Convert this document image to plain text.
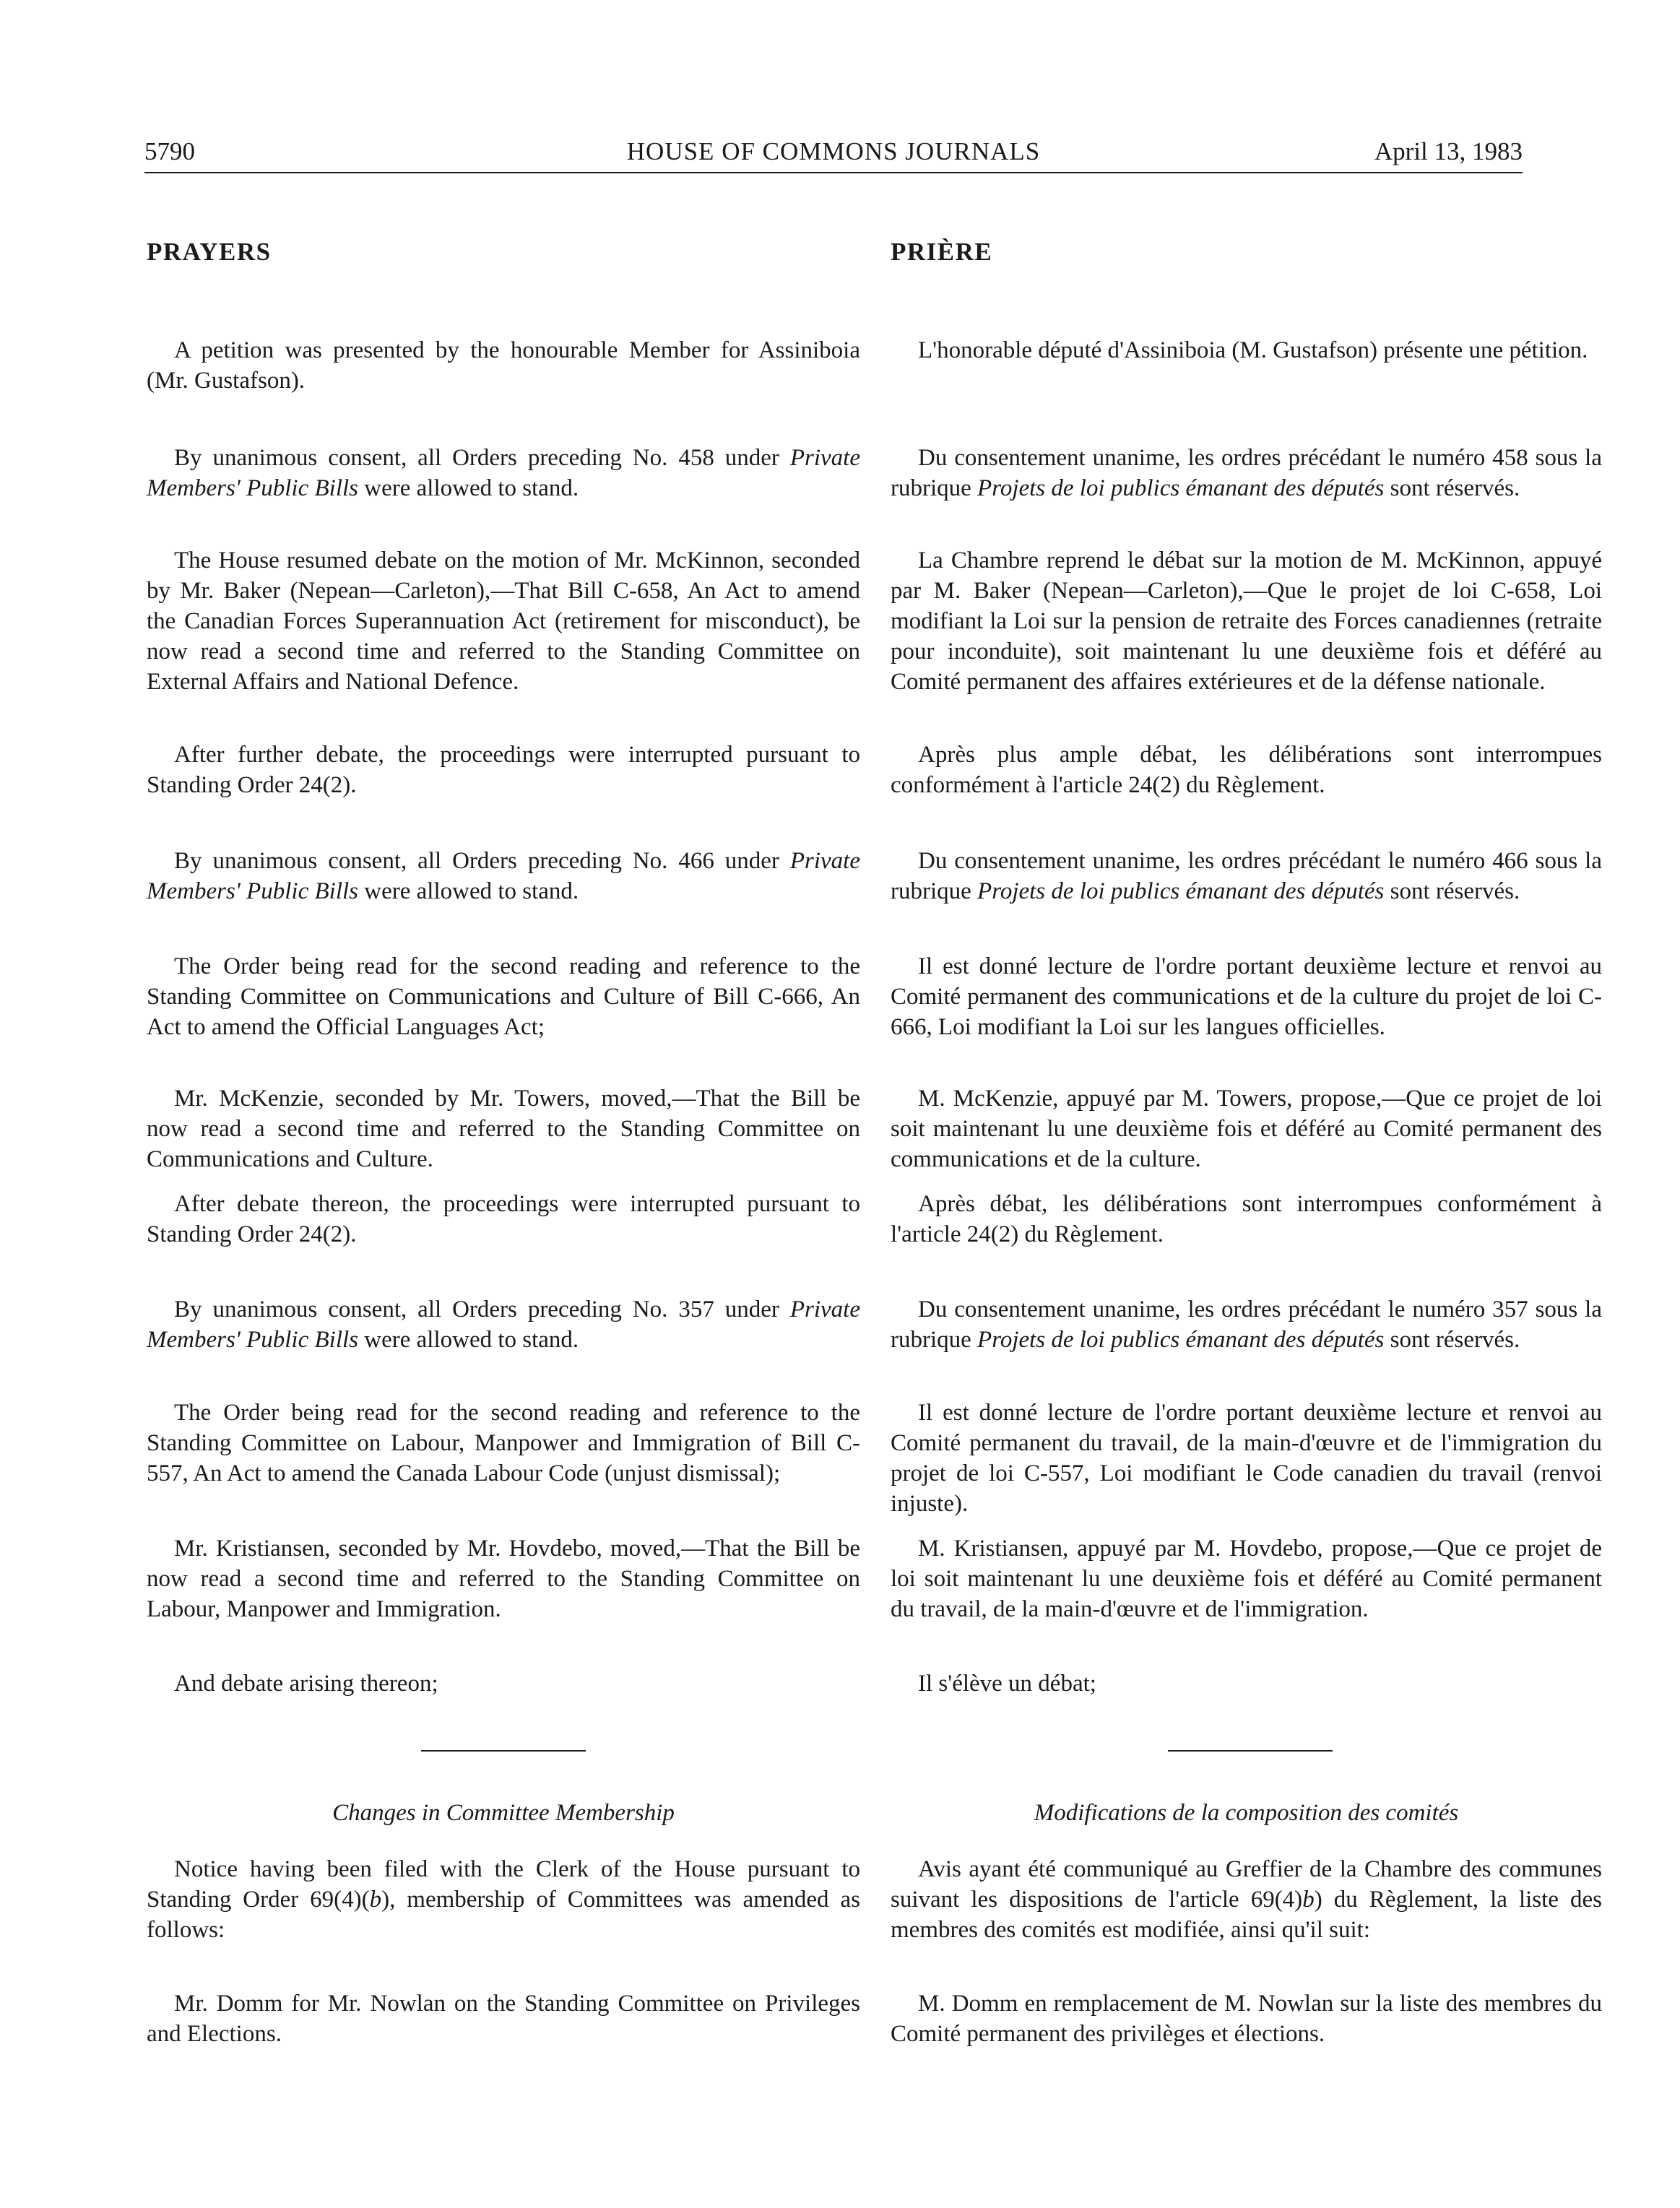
5790	HOUSE OF COMMONS JOURNALS	April 13, 1983
PRAYERS

A petition was presented by the honourable Member for Assiniboia (Mr. Gustafson).

By unanimous consent, all Orders preceding No. 458 under Private Members' Public Bills were allowed to stand.

The House resumed debate on the motion of Mr. McKinnon, seconded by Mr. Baker (Nepean—Carleton),—That Bill C-658, An Act to amend the Canadian Forces Superannuation Act (retirement for misconduct), be now read a second time and referred to the Standing Committee on External Affairs and National Defence.

After further debate, the proceedings were interrupted pursuant to Standing Order 24(2).

By unanimous consent, all Orders preceding No. 466 under Private Members' Public Bills were allowed to stand.

The Order being read for the second reading and reference to the Standing Committee on Communications and Culture of Bill C-666, An Act to amend the Official Languages Act;

Mr. McKenzie, seconded by Mr. Towers, moved,—That the Bill be now read a second time and referred to the Standing Committee on Communications and Culture.

After debate thereon, the proceedings were interrupted pursuant to Standing Order 24(2).

By unanimous consent, all Orders preceding No. 357 under Private Members' Public Bills were allowed to stand.

The Order being read for the second reading and reference to the Standing Committee on Labour, Manpower and Immigration of Bill C-557, An Act to amend the Canada Labour Code (unjust dismissal);

Mr. Kristiansen, seconded by Mr. Hovdebo, moved,—That the Bill be now read a second time and referred to the Standing Committee on Labour, Manpower and Immigration.

And debate arising thereon;

Changes in Committee Membership

Notice having been filed with the Clerk of the House pursuant to Standing Order 69(4)(b), membership of Committees was amended as follows:

Mr. Domm for Mr. Nowlan on the Standing Committee on Privileges and Elections.

PRIÈRE

L'honorable député d'Assiniboia (M. Gustafson) présente une pétition.

Du consentement unanime, les ordres précédant le numéro 458 sous la rubrique Projets de loi publics émanant des députés sont réservés.

La Chambre reprend le débat sur la motion de M. McKinnon, appuyé par M. Baker (Nepean—Carleton),—Que le projet de loi C-658, Loi modifiant la Loi sur la pension de retraite des Forces canadiennes (retraite pour inconduite), soit maintenant lu une deuxième fois et déféré au Comité permanent des affaires extérieures et de la défense nationale.

Après plus ample débat, les délibérations sont interrompues conformément à l'article 24(2) du Règlement.

Du consentement unanime, les ordres précédant le numéro 466 sous la rubrique Projets de loi publics émanant des députés sont réservés.

Il est donné lecture de l'ordre portant deuxième lecture et renvoi au Comité permanent des communications et de la culture du projet de loi C-666, Loi modifiant la Loi sur les langues officielles.

M. McKenzie, appuyé par M. Towers, propose,—Que ce projet de loi soit maintenant lu une deuxième fois et déféré au Comité permanent des communications et de la culture.

Après débat, les délibérations sont interrompues conformément à l'article 24(2) du Règlement.

Du consentement unanime, les ordres précédant le numéro 357 sous la rubrique Projets de loi publics émanant des députés sont réservés.

Il est donné lecture de l'ordre portant deuxième lecture et renvoi au Comité permanent du travail, de la main-d'œuvre et de l'immigration du projet de loi C-557, Loi modifiant le Code canadien du travail (renvoi injuste).

M. Kristiansen, appuyé par M. Hovdebo, propose,—Que ce projet de loi soit maintenant lu une deuxième fois et déféré au Comité permanent du travail, de la main-d'œuvre et de l'immigration.

Il s'élève un débat;

Modifications de la composition des comités

Avis ayant été communiqué au Greffier de la Chambre des communes suivant les dispositions de l'article 69(4)b) du Règlement, la liste des membres des comités est modifiée, ainsi qu'il suit:

M. Domm en remplacement de M. Nowlan sur la liste des membres du Comité permanent des privilèges et élections.
